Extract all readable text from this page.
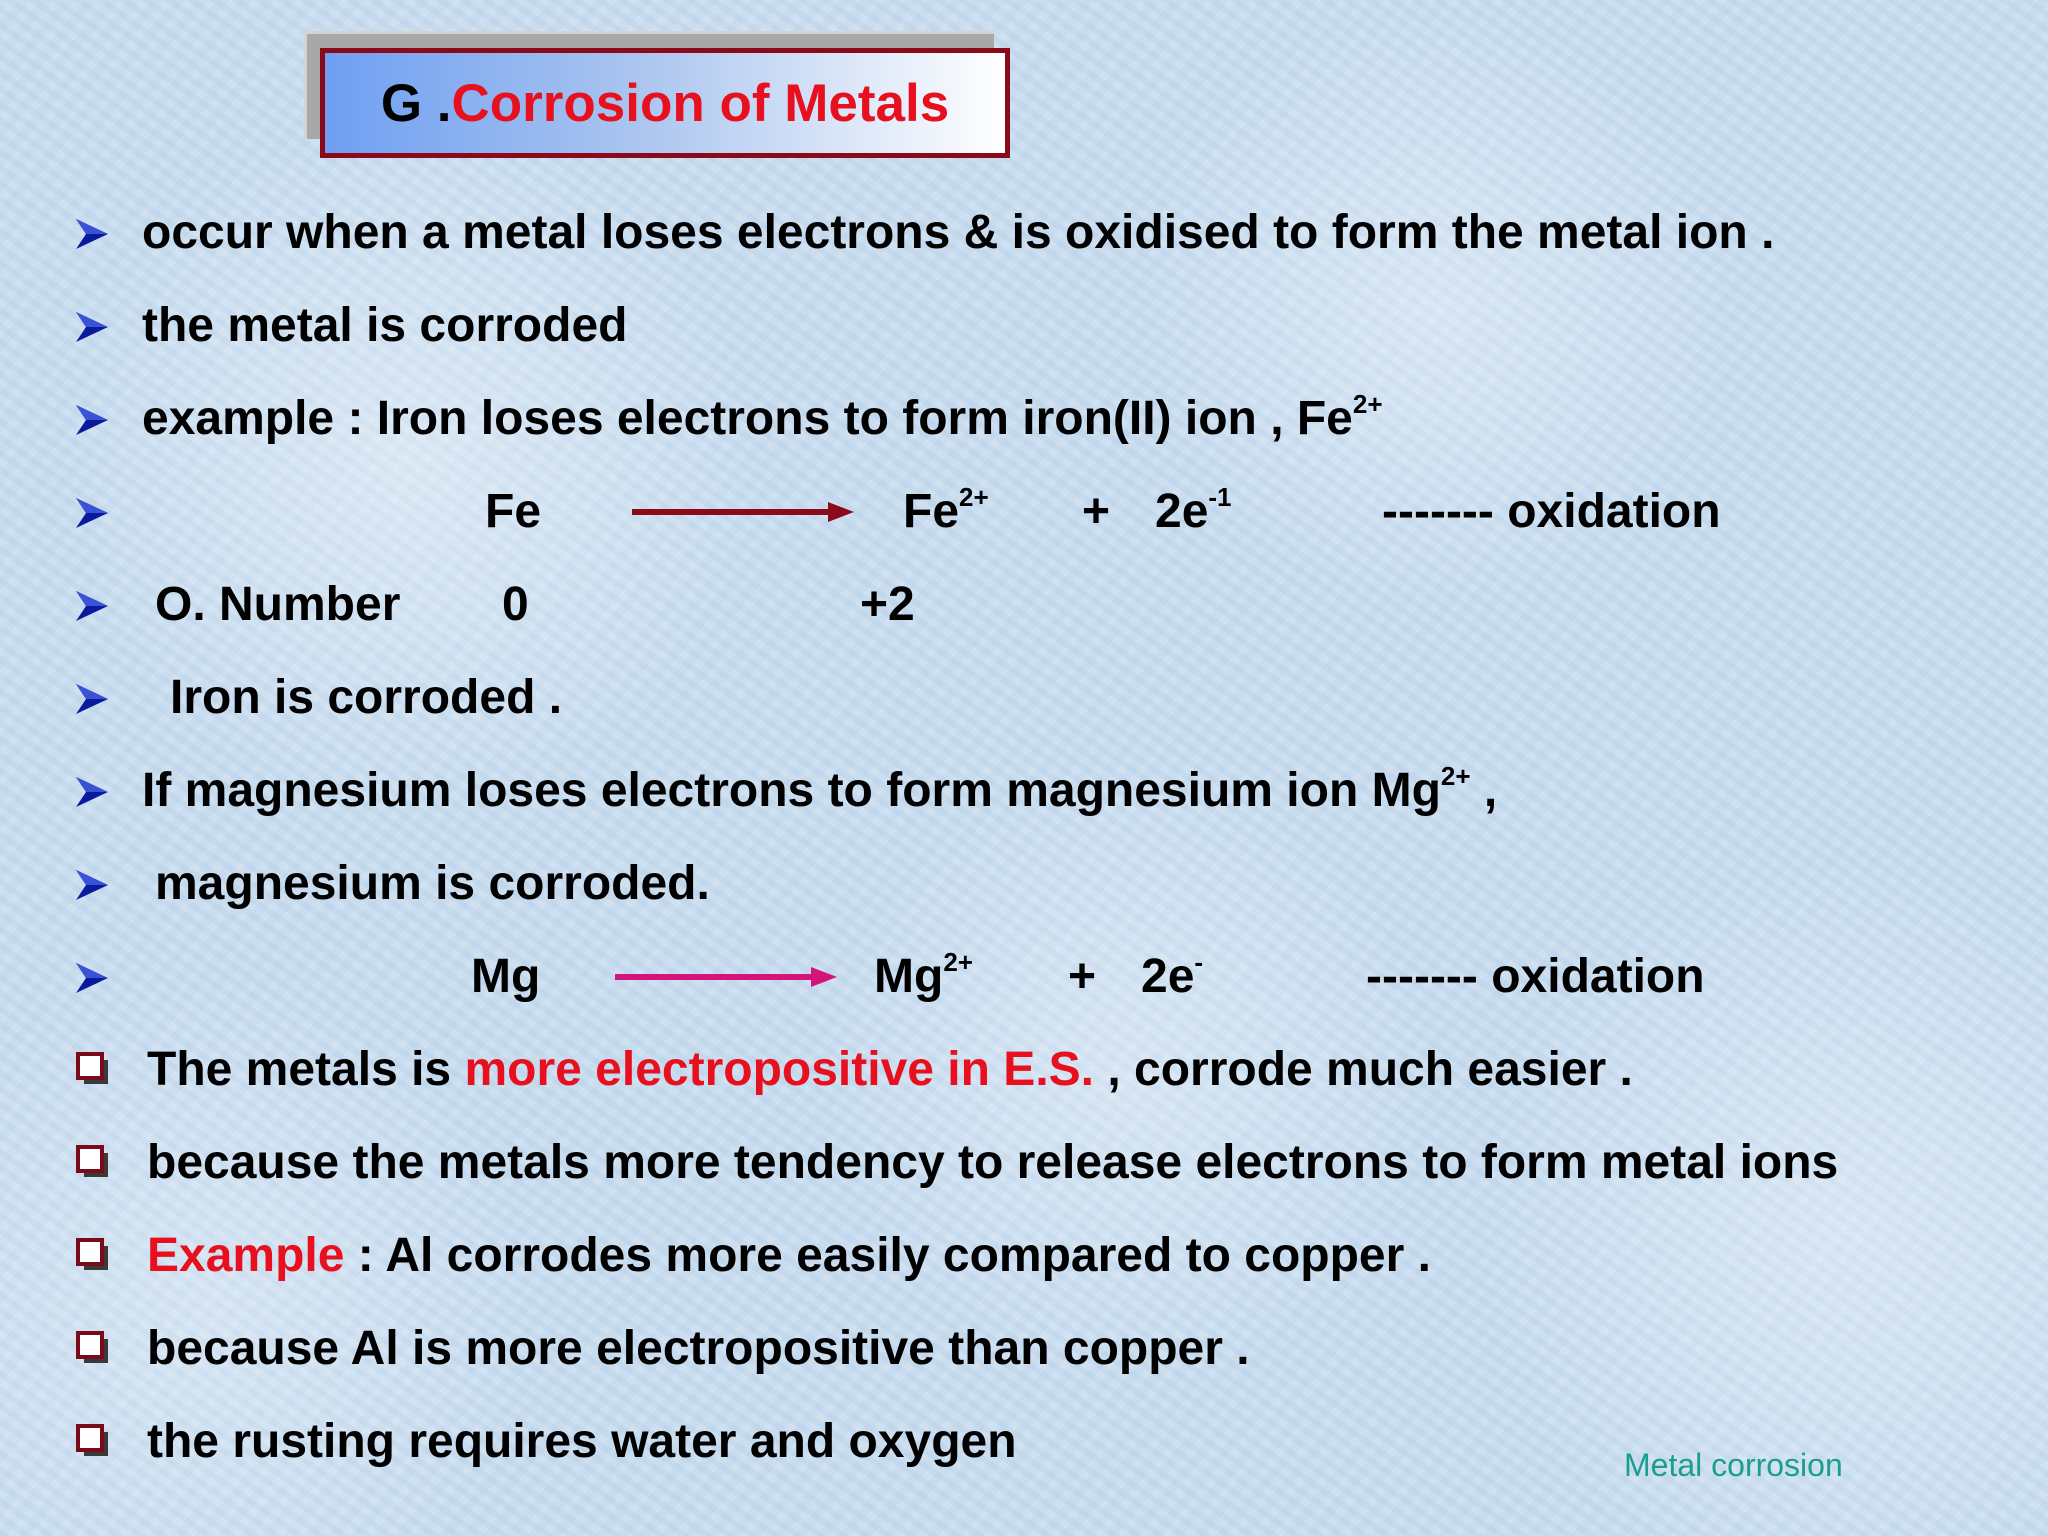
G . Corrosion of Metals
occur when a metal loses electrons & is oxidised to form the metal ion .
the metal is corroded
example : Iron loses electrons to form iron(II) ion , $Fe^{2+}$
Fe	$Fe^{2+} + 2e^{-1}$	------- oxidation
O. Number 0	+2
Iron is corroded .
If magnesium loses electrons to form magnesium ion $Mg^{2+}$ ,
magnesium is corroded.
Mg	$Mg^{2+} + 2e^-$	------- oxidation
The metals is more electropositive in E.S. , corrode much easier .
because the metals more tendency to release electrons to form metal ions
Example : Al corrodes more easily compared to copper .
because Al is more electropositive than copper .
the rusting requires water and oxygen	Metal corrosion
